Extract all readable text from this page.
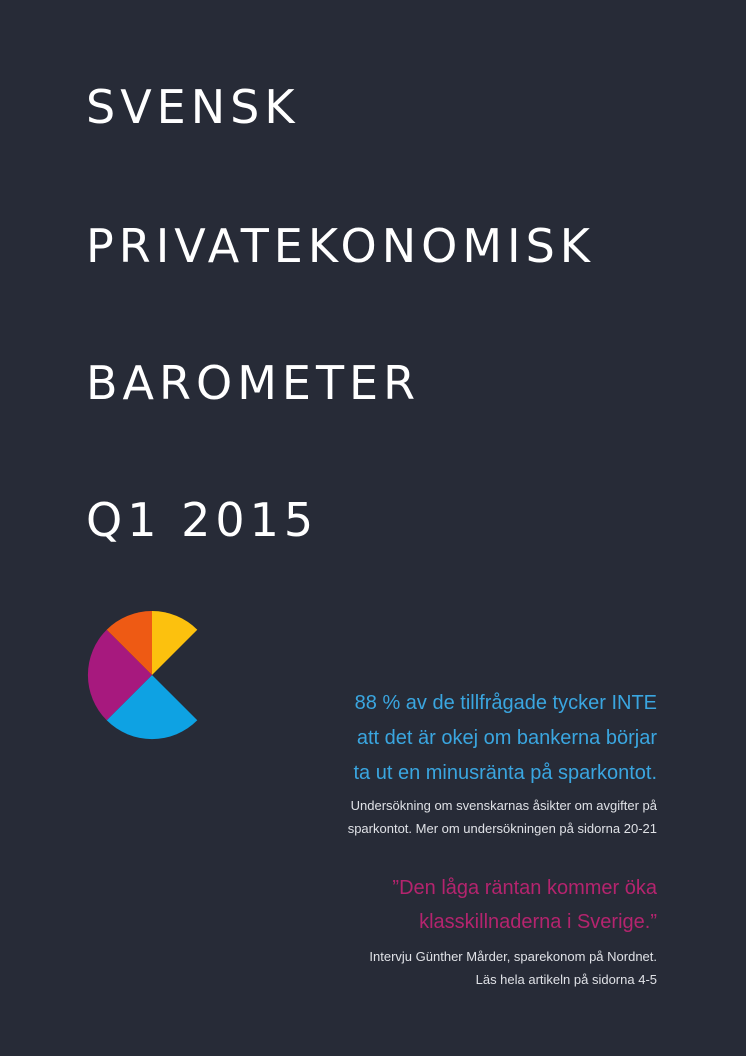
SVENSK
PRIVATEKONOMISK
BAROMETER
Q1 2015

88 % av de tillfrågade tycker INTE
att det är okej om bankerna börjar
ta ut en minusränta på sparkontot.

Undersökning om svenskarnas åsikter om avgifter på
sparkontot. Mer om undersökningen på sidorna 20-21

”Den låga räntan kommer öka
klasskillnaderna i Sverige.”

Intervju Günther Mårder, sparekonom på Nordnet.
Läs hela artikeln på sidorna 4-5
